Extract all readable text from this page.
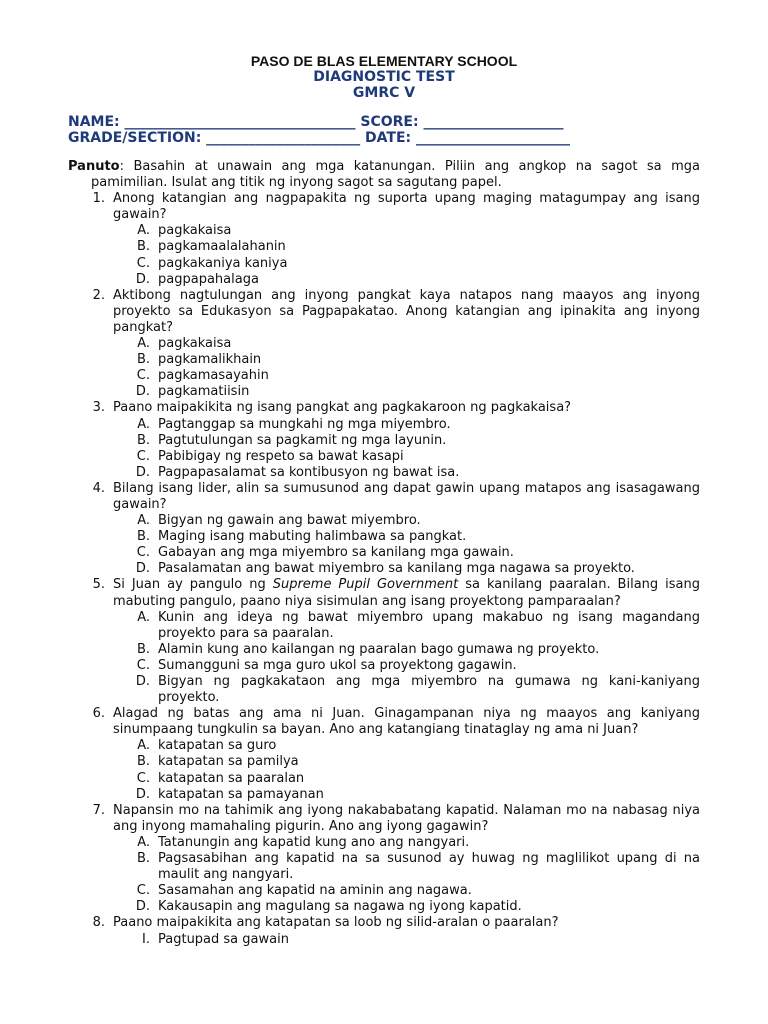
PASO DE BLAS ELEMENTARY SCHOOL
DIAGNOSTIC TEST
GMRC V
NAME: _________________________________ SCORE: ____________________
GRADE/SECTION: ______________________ DATE: ______________________
Panuto: Basahin at unawain ang mga katanungan. Piliin ang angkop na sagot sa mga pamimilian. Isulat ang titik ng inyong sagot sa sagutang papel.
1. Anong katangian ang nagpapakita ng suporta upang maging matagumpay ang isang gawain?
A. pagkakaisa
B. pagkamaalalahanin
C. pagkakaniya kaniya
D. pagpapahalaga
2. Aktibong nagtulungan ang inyong pangkat kaya natapos nang maayos ang inyong proyekto sa Edukasyon sa Pagpapakatao. Anong katangian ang ipinakita ang inyong pangkat?
A. pagkakaisa
B. pagkamalikhain
C. pagkamasayahin
D. pagkamatiisin
3. Paano maipakikita ng isang pangkat ang pagkakaroon ng pagkakaisa?
A. Pagtanggap sa mungkahi ng mga miyembro.
B. Pagtutulungan sa pagkamit ng mga layunin.
C. Pabibigay ng respeto sa bawat kasapi
D. Pagpapasalamat sa kontibusyon ng bawat isa.
4. Bilang isang lider, alin sa sumusunod ang dapat gawin upang matapos ang isasagawang gawain?
A. Bigyan ng gawain ang bawat miyembro.
B. Maging isang mabuting halimbawa sa pangkat.
C. Gabayan ang mga miyembro sa kanilang mga gawain.
D. Pasalamatan ang bawat miyembro sa kanilang mga nagawa sa proyekto.
5. Si Juan ay pangulo ng Supreme Pupil Government sa kanilang paaralan. Bilang isang mabuting pangulo, paano niya sisimulan ang isang proyektong pamparaalan?
A. Kunin ang ideya ng bawat miyembro upang makabuo ng isang magandang proyekto para sa paaralan.
B. Alamin kung ano kailangan ng paaralan bago gumawa ng proyekto.
C. Sumangguni sa mga guro ukol sa proyektong gagawin.
D. Bigyan ng pagkakataon ang mga miyembro na gumawa ng kani-kaniyang proyekto.
6. Alagad ng batas ang ama ni Juan. Ginagampanan niya ng maayos ang kaniyang sinumpaang tungkulin sa bayan. Ano ang katangiang tinataglay ng ama ni Juan?
A. katapatan sa guro
B. katapatan sa pamilya
C. katapatan sa paaralan
D. katapatan sa pamayanan
7. Napansin mo na tahimik ang iyong nakababatang kapatid. Nalaman mo na nabasag niya ang inyong mamahaling pigurin. Ano ang iyong gagawin?
A. Tatanungin ang kapatid kung ano ang nangyari.
B. Pagsasabihan ang kapatid na sa susunod ay huwag ng maglilikot upang di na maulit ang nangyari.
C. Sasamahan ang kapatid na aminin ang nagawa.
D. Kakausapin ang magulang sa nagawa ng iyong kapatid.
8. Paano maipakikita ang katapatan sa loob ng silid-aralan o paaralan?
I. Pagtupad sa gawain
